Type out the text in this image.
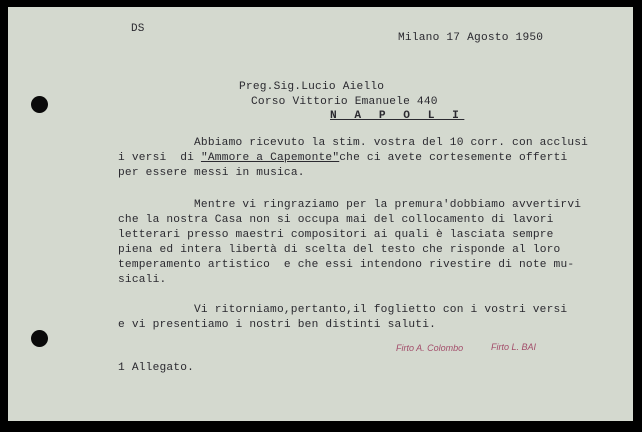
DS
Milano 17 Agosto 1950
Preg.Sig.Lucio Aiello
Corso Vittorio Emanuele 440
N A P O L I
Abbiamo ricevuto la stim. vostra del 10 corr. con acclusi
i versi  di "Ammore a Capemonte"che ci avete cortesemente offerti
per essere messi in musica.
Mentre vi ringraziamo per la premura'dobbiamo avvertirvi
che la nostra Casa non si occupa mai del collocamento di lavori
letterari presso maestri compositori ai quali è lasciata sempre
piena ed intera libertà di scelta del testo che risponde al loro
temperamento artistico  e che essi intendono rivestire di note mu-
sicali.
Vi ritorniamo,pertanto,il foglietto con i vostri versi
e vi presentiamo i nostri ben distinti saluti.
Firto A. Colombo	Firto L. BAI
1 Allegato.
